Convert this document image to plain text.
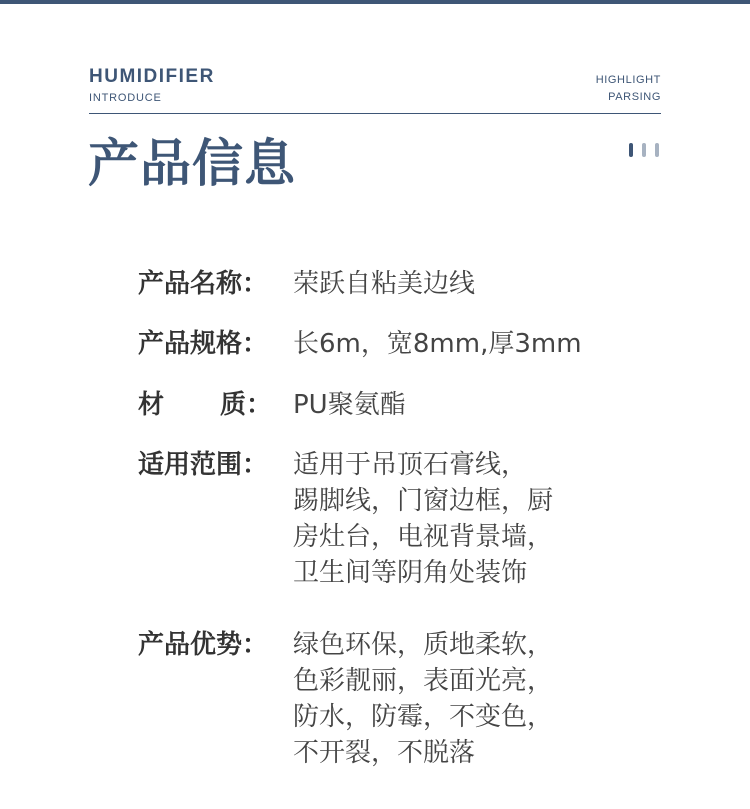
HUMIDIFIER
INTRODUCE
HIGHLIGHT
PARSING
产品信息
产品名称： 荣跃自粘美边线
产品规格： 长6m，宽8mm,厚3mm
材 质： PU聚氨酯
适用范围： 适用于吊顶石膏线，
踢脚线，门窗边框，厨
房灶台，电视背景墙，
卫生间等阴角处装饰
产品优势： 绿色环保，质地柔软，
色彩靓丽，表面光亮，
防水，防霉，不变色，
不开裂，不脱落
